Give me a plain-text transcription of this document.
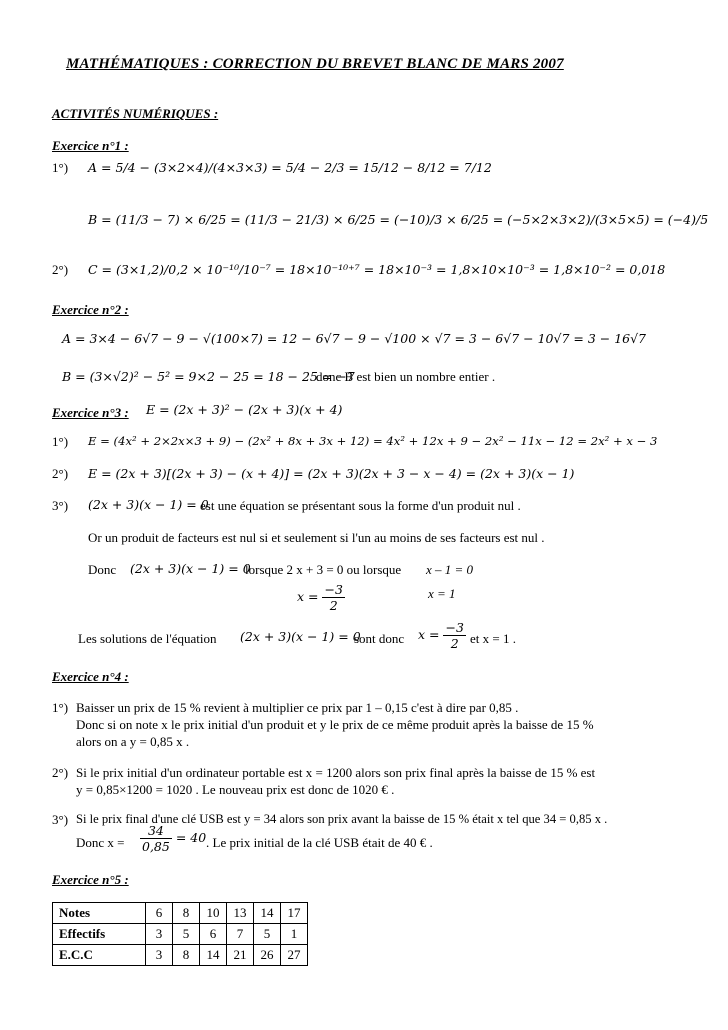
MATHÉMATIQUES : CORRECTION DU BREVET BLANC DE MARS 2007
ACTIVITÉS NUMÉRIQUES :
Exercice n°1 :
1°) A = 5/4 − (3×2×4)/(4×3×3) = 5/4 − 2/3 = 15/12 − 8/12 = 7/12
B = (11/3 − 7) × 6/25 = (11/3 − 21/3) × 6/25 = (−10)/3 × 6/25 = (−5×2×3×2)/(3×5×5) = (−4)/5
2°) C = (3×1,2)/0,2 × 10⁻¹⁰/10⁻⁷ = 18×10⁻¹⁰⁺⁷ = 18×10⁻³ = 1,8×10×10⁻³ = 1,8×10⁻² = 0,018
Exercice n°2 :
A = 3×4 − 6√7 − 9 − √(100×7) = 12 − 6√7 − 9 − √100 × √7 = 3 − 6√7 − 10√7 = 3 − 16√7
B = (3×√2)² − 5² = 9×2 − 25 = 18 − 25 = −7
donc B est bien un nombre entier .
Exercice n°3 : E = (2x + 3)² − (2x + 3)(x + 4)
1°) E = (4x² + 2×2x×3 + 9) − (2x² + 8x + 3x + 12) = 4x² + 12x + 9 − 2x² − 11x − 12 = 2x² + x − 3
2°) E = (2x + 3)[(2x + 3) − (x + 4)] = (2x + 3)(2x + 3 − x − 4) = (2x + 3)(x − 1)
3°) (2x + 3)(x − 1) = 0
est une équation se présentant sous la forme d'un produit nul .
Or un produit de facteurs est nul si et seulement si l'un au moins de ses facteurs est nul .
Donc (2x + 3)(x − 1) = 0
lorsque 2 x + 3 = 0 ou lorsque x – 1 = 0
$x = \frac{-3}{2}$	x = 1
Les solutions de l'équation (2x + 3)(x − 1) = 0
sont donc $x = \frac{-3}{2}$ et x = 1 .
Exercice n°4 :
1°) Baisser un prix de 15 % revient à multiplier ce prix par 1 – 0,15 c'est à dire par 0,85 .
Donc si on note x le prix initial d'un produit et y le prix de ce même produit après la baisse de 15 %
alors on a y = 0,85 x .
2°) Si le prix initial d'un ordinateur portable est x = 1200 alors son prix final après la baisse de 15 % est
y = 0,85×1200 = 1020 . Le nouveau prix est donc de 1020 € .
3°) Si le prix final d'une clé USB est y = 34 alors son prix avant la baisse de 15 % était x tel que 34 = 0,85 x .
Donc $x = \frac{34}{0,85} = 40$ . Le prix initial de la clé USB était de 40 € .
Exercice n°5 :
Notes	6	8	10	13	14	17
Effectifs	3	5	6	7	5	1
E.C.C	3	8	14	21	26	27
